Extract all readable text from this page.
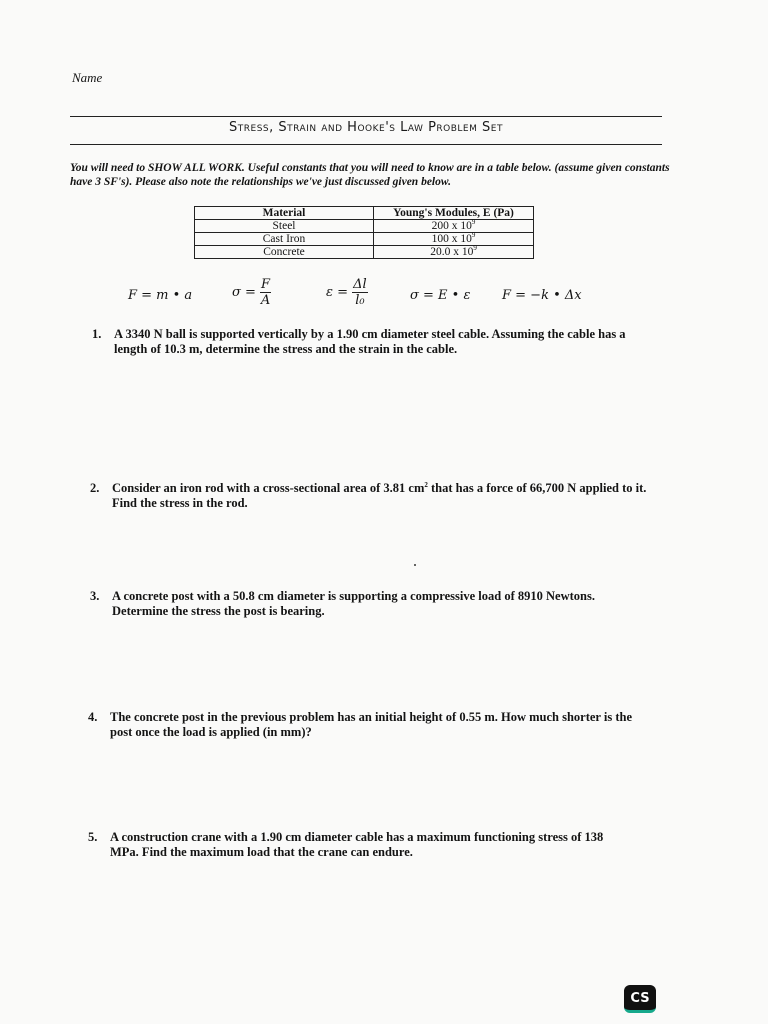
Name
Stress, Strain and Hooke's Law Problem Set
You will need to SHOW ALL WORK. Useful constants that you will need to know are in a table below. (assume given constants have 3 SF's). Please also note the relationships we've just discussed given below.
Material	Young's Modules, E (Pa)
Steel	200 x $10^9$
Cast Iron	100 x $10^9$
Concrete	20.0 x $10^9$
F = m • a	$\sigma = \frac{F}{A}$	$\varepsilon = \frac{\Delta l}{\text{l₀}}$	σ = E • ε F = −k • Δx
1.	A 3340 N ball is supported vertically by a 1.90 cm diameter steel cable. Assuming the cable has a length of 10.3 m, determine the stress and the strain in the cable.
2.	Consider an iron rod with a cross-sectional area of 3.81 $cm^2$ that has a force of 66,700 N applied to it. Find the stress in the rod.
3.	A concrete post with a 50.8 cm diameter is supporting a compressive load of 8910 Newtons. Determine the stress the post is bearing.
4.	The concrete post in the previous problem has an initial height of 0.55 m. How much shorter is the post once the load is applied (in mm)?
5.	A construction crane with a 1.90 cm diameter cable has a maximum functioning stress of 138 MPa. Find the maximum load that the crane can endure.
CS
